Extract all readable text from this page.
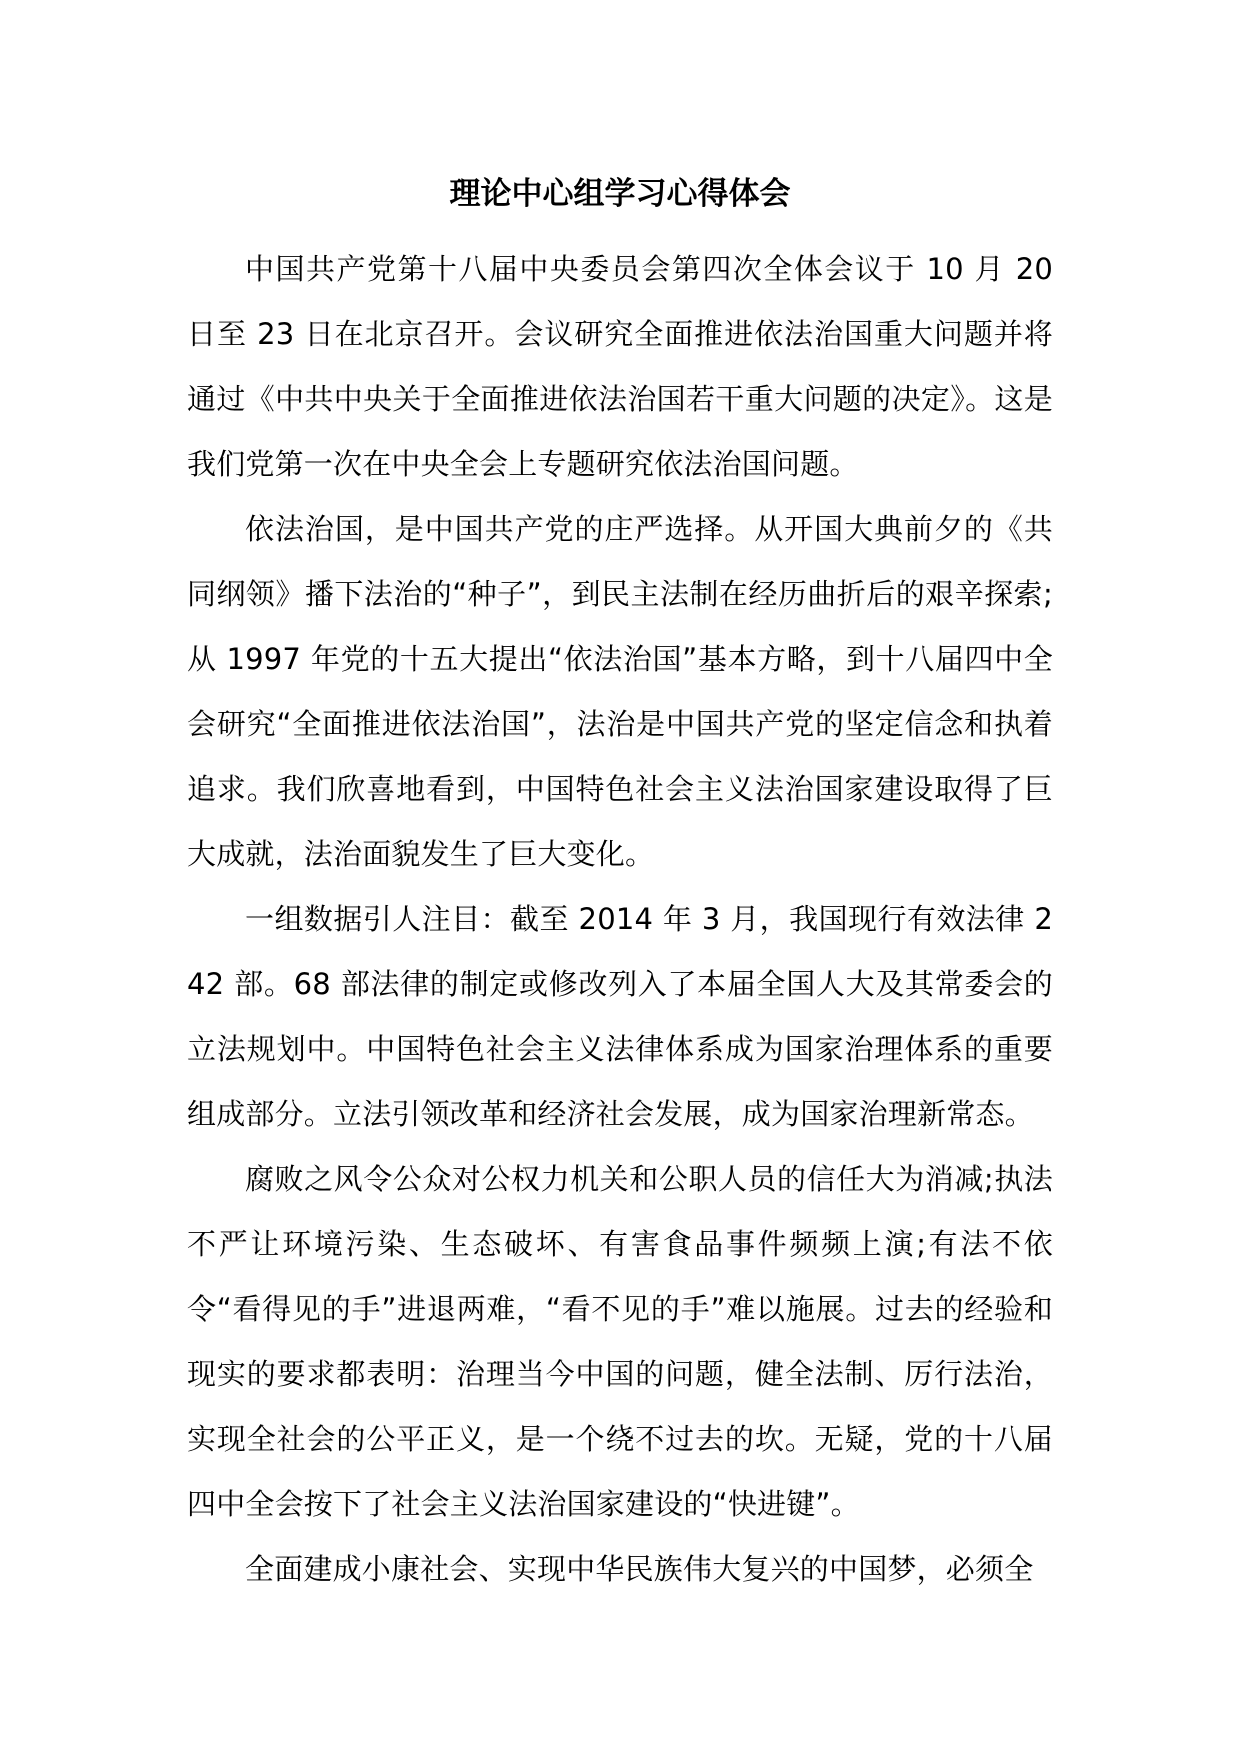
理论中心组学习心得体会

中国共产党第十八届中央委员会第四次全体会议于 10 月 20 日至 23 日在北京召开。会议研究全面推进依法治国重大问题并将通过《中共中央关于全面推进依法治国若干重大问题的决定》。这是我们党第一次在中央全会上专题研究依法治国问题。

依法治国，是中国共产党的庄严选择。从开国大典前夕的《共同纲领》播下法治的“种子”，到民主法制在经历曲折后的艰辛探索;从 1997 年党的十五大提出“依法治国”基本方略，到十八届四中全会研究“全面推进依法治国”，法治是中国共产党的坚定信念和执着追求。我们欣喜地看到，中国特色社会主义法治国家建设取得了巨大成就，法治面貌发生了巨大变化。

一组数据引人注目：截至 2014 年 3 月，我国现行有效法律 242 部。68 部法律的制定或修改列入了本届全国人大及其常委会的立法规划中。中国特色社会主义法律体系成为国家治理体系的重要组成部分。立法引领改革和经济社会发展，成为国家治理新常态。

腐败之风令公众对公权力机关和公职人员的信任大为消减;执法不严让环境污染、生态破坏、有害食品事件频频上演;有法不依令“看得见的手”进退两难，“看不见的手”难以施展。过去的经验和现实的要求都表明：治理当今中国的问题，健全法制、厉行法治，实现全社会的公平正义，是一个绕不过去的坎。无疑，党的十八届四中全会按下了社会主义法治国家建设的“快进键”。

全面建成小康社会、实现中华民族伟大复兴的中国梦，必须全
